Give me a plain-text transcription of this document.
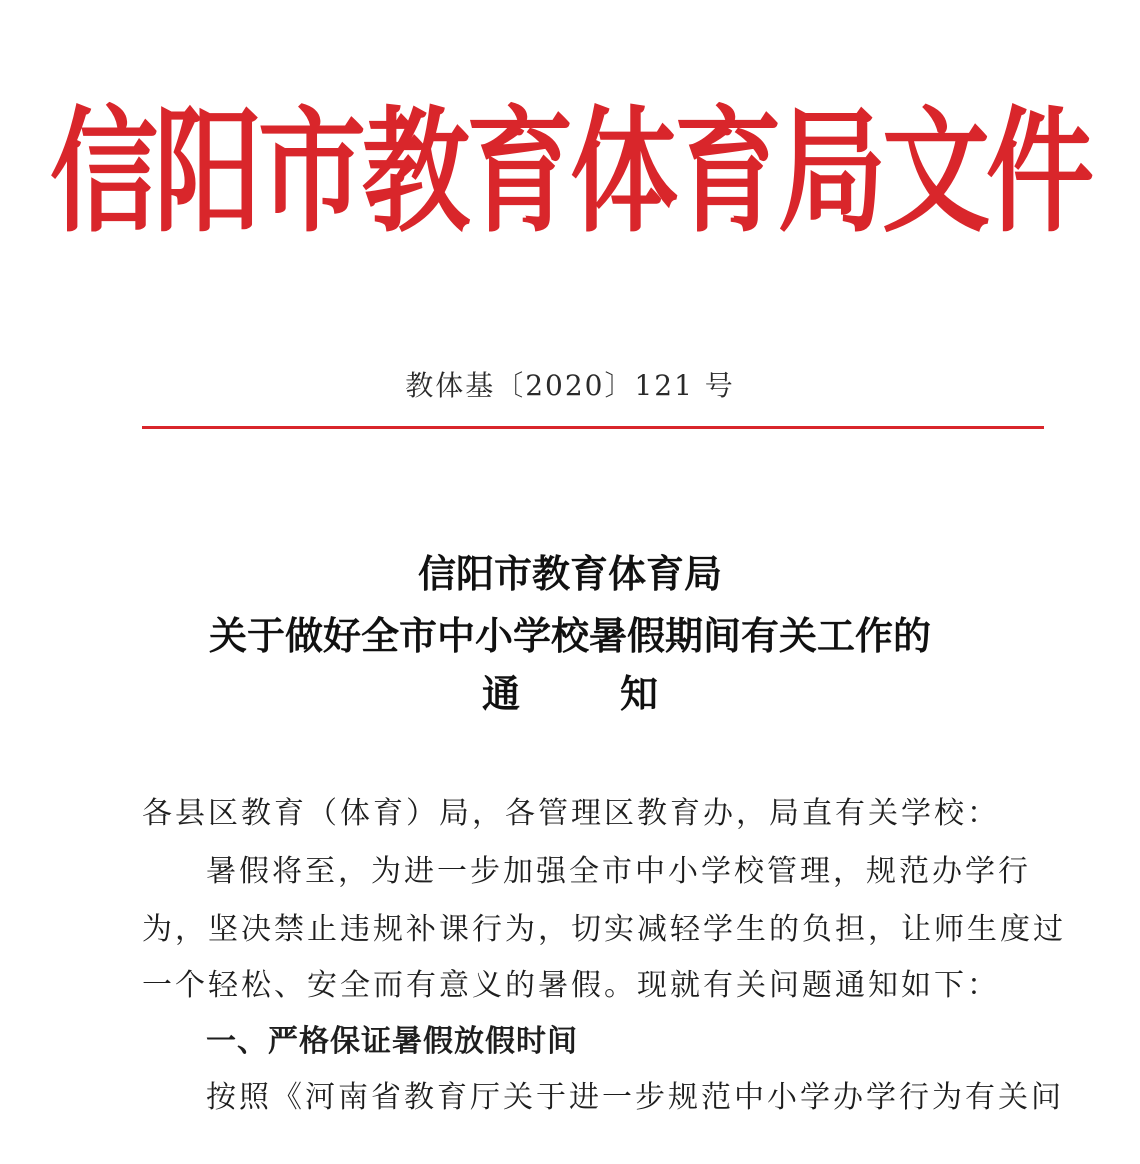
信阳市教育体育局文件
教体基〔2020〕121 号
信阳市教育体育局
关于做好全市中小学校暑假期间有关工作的
通	知
各县区教育（体育）局，各管理区教育办，局直有关学校：
暑假将至，为进一步加强全市中小学校管理，规范办学行
为，坚决禁止违规补课行为，切实减轻学生的负担，让师生度过
一个轻松、安全而有意义的暑假。现就有关问题通知如下：
一、严格保证暑假放假时间
按照《河南省教育厅关于进一步规范中小学办学行为有关问
